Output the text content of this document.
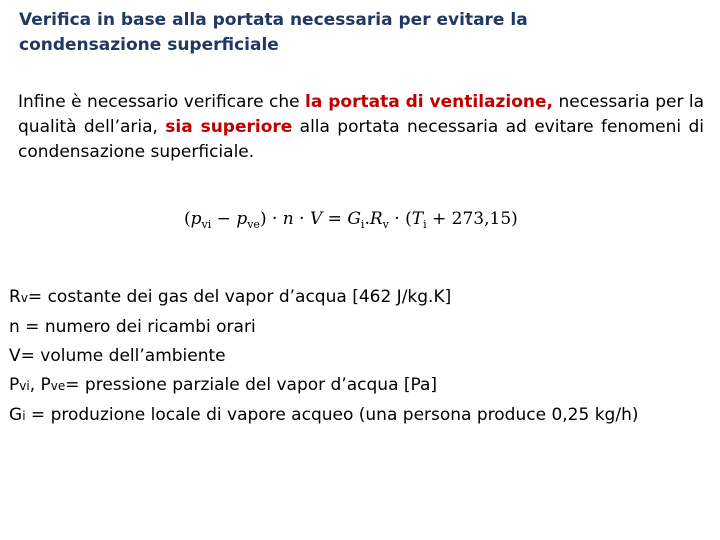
Verifica in base alla portata necessaria per evitare la
condensazione superficiale
Infine è necessario verificare che la portata di ventilazione, necessaria per la qualità dell’aria, sia superiore alla portata necessaria ad evitare fenomeni di condensazione superficiale.
$(p_{vi} - p_{ve}) \cdot n \cdot V = G_i.R_v \cdot (T_i + 273,15)$
Rv= costante dei gas del vapor d’acqua [462 J/kg.K]
n = numero dei ricambi orari
V= volume dell’ambiente
Pvi, Pve= pressione parziale del vapor d’acqua [Pa]
Gi = produzione locale di vapore acqueo (una persona produce 0,25 kg/h)
